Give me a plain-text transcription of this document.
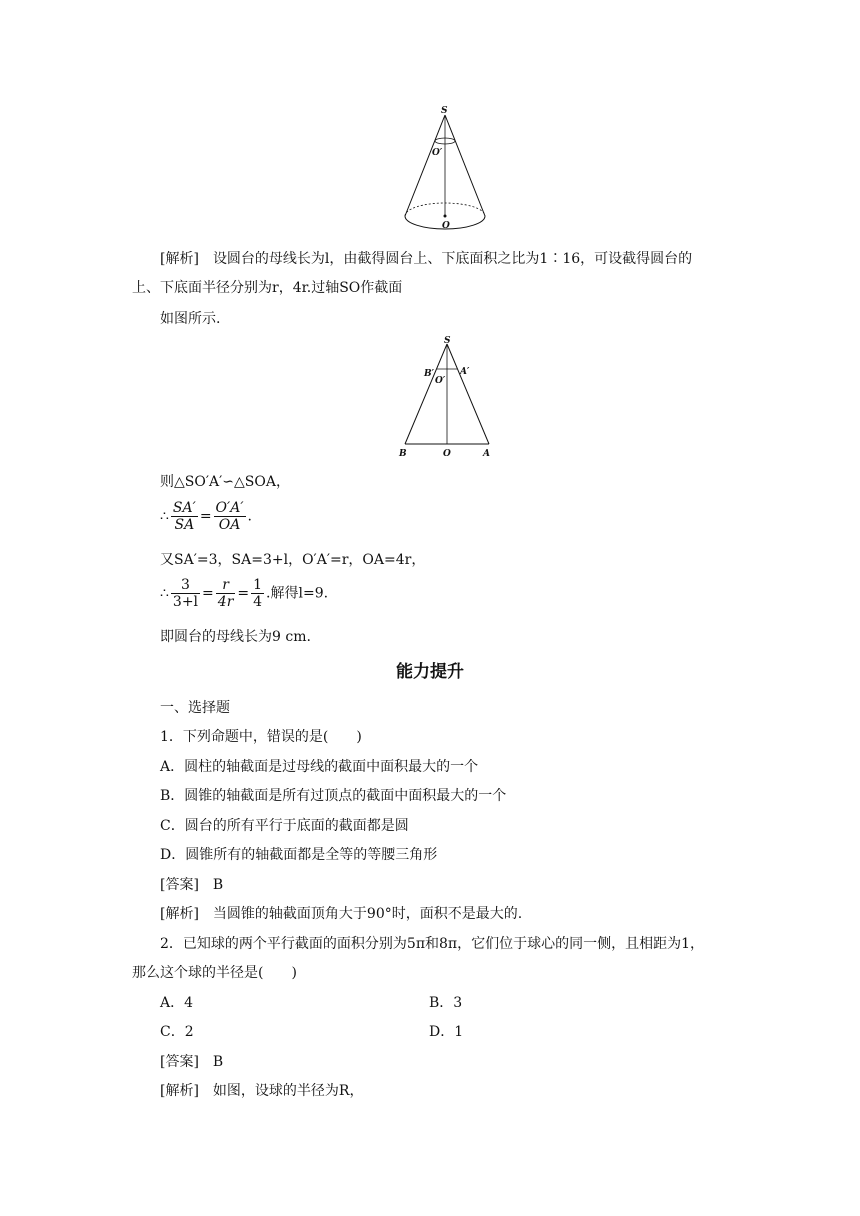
S
O′
O
[解析]　 设圆台的母线长为l，由截得圆台上、下底面积之比为1∶16，可设截得圆台的
上、下底面半径分别为r，4r.过轴SO作截面
如图所示.
S
B′	A′
O′
B	O	A
则△SO′A′∽△SOA，
∴ $\frac{SA'}{SA} = \frac{O'A'}{OA}$ .
又SA′=3，SA=3+l，O′A′=r，OA=4r，
∴ $\frac{3}{3+l} = \frac{r}{4r} = \frac{1}{4}$ .解得l=9.
即圆台的母线长为9 cm.
能力提升
一、选择题
1．下列命题中，错误的是(　　)
A．圆柱的轴截面是过母线的截面中面积最大的一个
B．圆锥的轴截面是所有过顶点的截面中面积最大的一个
C．圆台的所有平行于底面的截面都是圆
D．圆锥所有的轴截面都是全等的等腰三角形
[答案]　B
[解析]　当圆锥的轴截面顶角大于90°时，面积不是最大的.
2．已知球的两个平行截面的面积分别为5π和8π，它们位于球心的同一侧，且相距为1，
那么这个球的半径是(　　)
A．4	B．3
C．2	D．1
[答案]　B
[解析]　如图，设球的半径为R，
